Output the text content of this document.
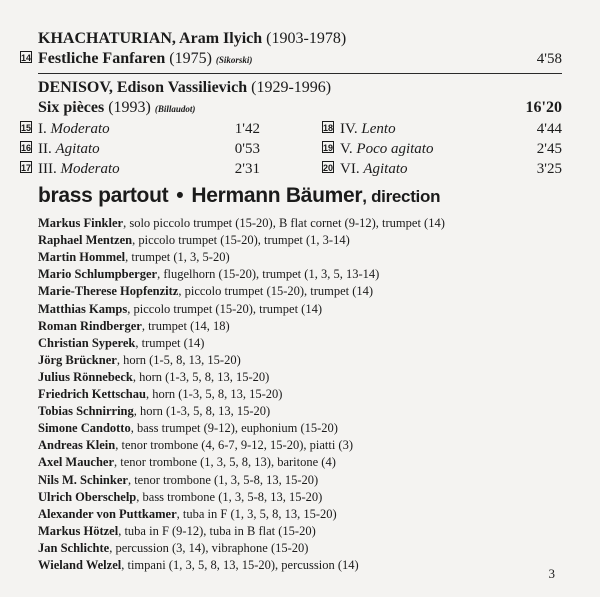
KHACHATURIAN, Aram Ilyich (1903-1978)
14 Festliche Fanfaren (1975) (Sikorski)	4'58
DENISOV, Edison Vassilievich (1929-1996)
Six pièces (1993) (Billaudot)	16'20
15 I. Moderato	1'42
16 II. Agitato	0'53
17 III. Moderato	2'31
18 IV. Lento	4'44
19 V. Poco agitato	2'45
20 VI. Agitato	3'25
brass partout • Hermann Bäumer, direction
Markus Finkler, solo piccolo trumpet (15-20), B flat cornet (9-12), trumpet (14)
Raphael Mentzen, piccolo trumpet (15-20), trumpet (1, 3-14)
Martin Hommel, trumpet (1, 3, 5-20)
Mario Schlumpberger, flugelhorn (15-20), trumpet (1, 3, 5, 13-14)
Marie-Therese Hopfenzitz, piccolo trumpet (15-20), trumpet (14)
Matthias Kamps, piccolo trumpet (15-20), trumpet (14)
Roman Rindberger, trumpet (14, 18)
Christian Syperek, trumpet (14)
Jörg Brückner, horn (1-5, 8, 13, 15-20)
Julius Rönnebeck, horn (1-3, 5, 8, 13, 15-20)
Friedrich Kettschau, horn (1-3, 5, 8, 13, 15-20)
Tobias Schnirring, horn (1-3, 5, 8, 13, 15-20)
Simone Candotto, bass trumpet (9-12), euphonium (15-20)
Andreas Klein, tenor trombone (4, 6-7, 9-12, 15-20), piatti (3)
Axel Maucher, tenor trombone (1, 3, 5, 8, 13), baritone (4)
Nils M. Schinker, tenor trombone (1, 3, 5-8, 13, 15-20)
Ulrich Oberschelp, bass trombone (1, 3, 5-8, 13, 15-20)
Alexander von Puttkamer, tuba in F (1, 3, 5, 8, 13, 15-20)
Markus Hötzel, tuba in F (9-12), tuba in B flat (15-20)
Jan Schlichte, percussion (3, 14), vibraphone (15-20)
Wieland Welzel, timpani (1, 3, 5, 8, 13, 15-20), percussion (14)
3
